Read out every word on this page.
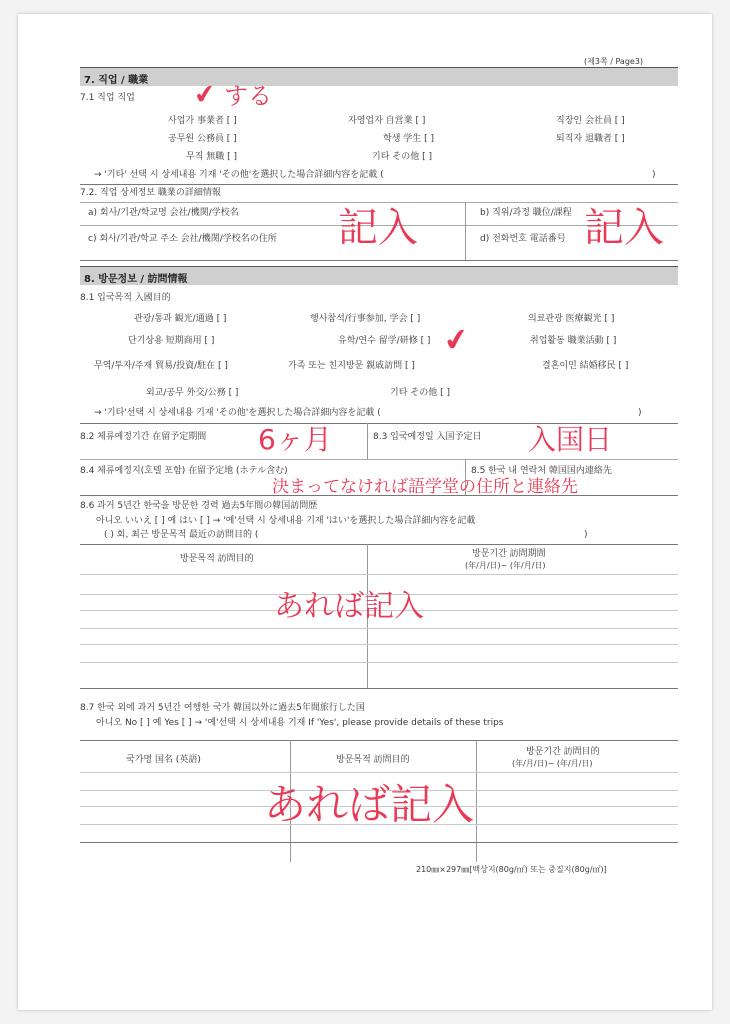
(제3쪽 / Page3)
7. 직업 / 職業
7.1 직업 직업
사업가 事業者 [ ]	자영업자 自営業 [ ]	직장인 会社員 [ ]
공무원 公務員 [ ]	학생 学生 [ ]	퇴직자 退職者 [ ]
무직 無職 [ ]	기타 その他 [ ]
→ '기타' 선택 시 상세내용 기재 'その他'を選択した場合詳細内容を記載 (	)
7.2. 직업 상세정보 職業の詳細情報
a) 회사/기관/학교명 会社/機関/学校名	b) 직위/과정 職位/課程
c) 회사/기관/학교 주소 会社/機関/学校名の住所	d) 전화번호 電話番号
8. 방문정보 / 訪問情報
8.1 입국목적 入國目的
관광/통과 観光/通過 [ ]	행사참석/行事参加, 学会 [ ]	의료관광 医療観光 [ ]
단기상용 短期商用 [ ]	유학/연수 留学/研修 [ ]	취업활동 職業活動 [ ]
무역/투자/주재 貿易/投資/駐在 [ ]	가족 또는 친지방문 親戚訪問 [ ]	결혼이민 結婚移民 [ ]
외교/공무 外交/公務 [ ]	기타 その他 [ ]
→ '기타'선택 시 상세내용 기재 'その他'を選択した場合詳細内容を記載 (	)
8.2 체류예정기간 在留予定期間	8.3 입국예정일 入国予定日
8.4 체류예정지(호텔 포함) 在留予定地 (ホテル含む)	8.5 한국 내 연락처 韓国国内連絡先
8.6 과거 5년간 한국을 방문한 경력 過去5年間の韓国訪問歴
아니오 いいえ [ ] 예 はい [ ] → '예'선택 시 상세내용 기재 'はい'を選択した場合詳細内容を記載
( ) 회, 최근 방문목적 最近の訪問目的 (	)
방문목적 訪問目的	방문기간 訪問期間
(年/月/日)~ (年/月/日)
8.7 한국 외에 과거 5년간 여행한 국가 韓国以外に過去5年間旅行した国
아니오 No [ ] 예 Yes [ ] → '예'선택 시 상세내용 기재 If 'Yes', please provide details of these trips
국가명 国名 (英語)	방문목적 訪問目的
방문기간 訪問目的
(年/月/日)~ (年/月/日)
210㎜×297㎜[백상지(80g/㎡) 또는 중질지(80g/㎡)]
✔ する
記入	記入
✔
6ヶ月	入国日
決まってなければ語学堂の住所と連絡先
あれば記入
あれば記入
